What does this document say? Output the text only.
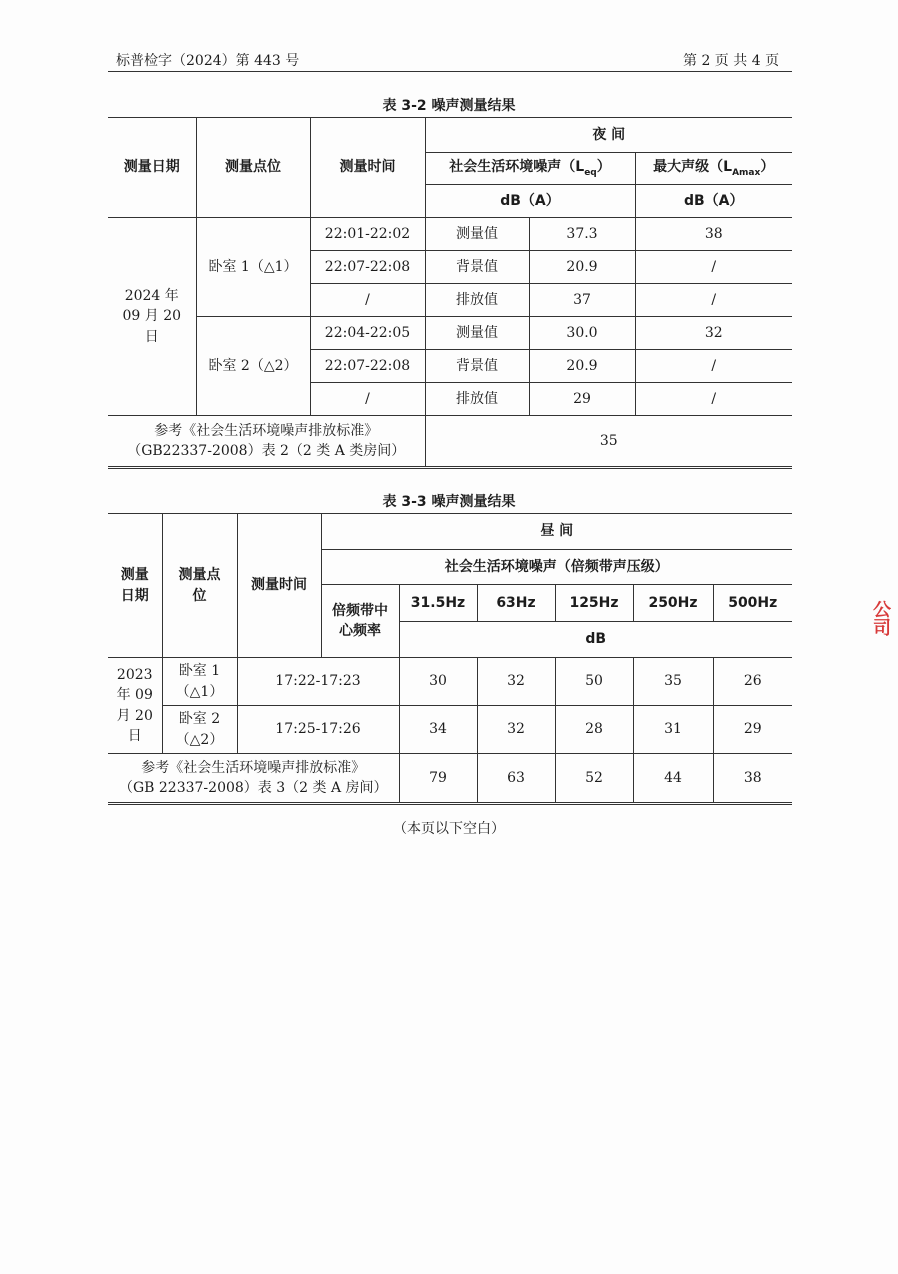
标普检字（2024）第 443 号	第 2 页 共 4 页
表 3-2 噪声测量结果
测量日期	测量点位	测量时间	夜 间		
			社会生活环境噪声$(L_{eq})$		最大声级$(L_{Amax})$
			dB（A）		dB（A）
2024 年 09 月 20 日	卧室 1（△1）	22:01-22:02	测量值	37.3	38
		22:07-22:08	背景值	20.9	/
		/	排放值	37	/
	卧室 2（△2）	22:04-22:05	测量值	30.0	32
		22:07-22:08	背景值	20.9	/
		/	排放值	29	/

参考《社会生活环境噪声排放标准》
（GB22337-2008）表 2（2 类 A 类房间）			35		
表 3-3 噪声测量结果
测量日期	测量点位	测量时间	昼 间					
			社会生活环境噪声（倍频带声压级）					
			倍频带中心频率	31.5Hz	63Hz	125Hz	250Hz	500Hz
				dB				
2023 年 09 月 20 日	卧室 1（△1）	17:22-17:23		30	32	50	35	26
	卧室 2（△2）	17:25-17:26		34	32	28	31	29

参考《社会生活环境噪声排放标准》
（GB 22337-2008）表 3（2 类 A 房间）				79	63	52	44	38
（本页以下空白）
公司
